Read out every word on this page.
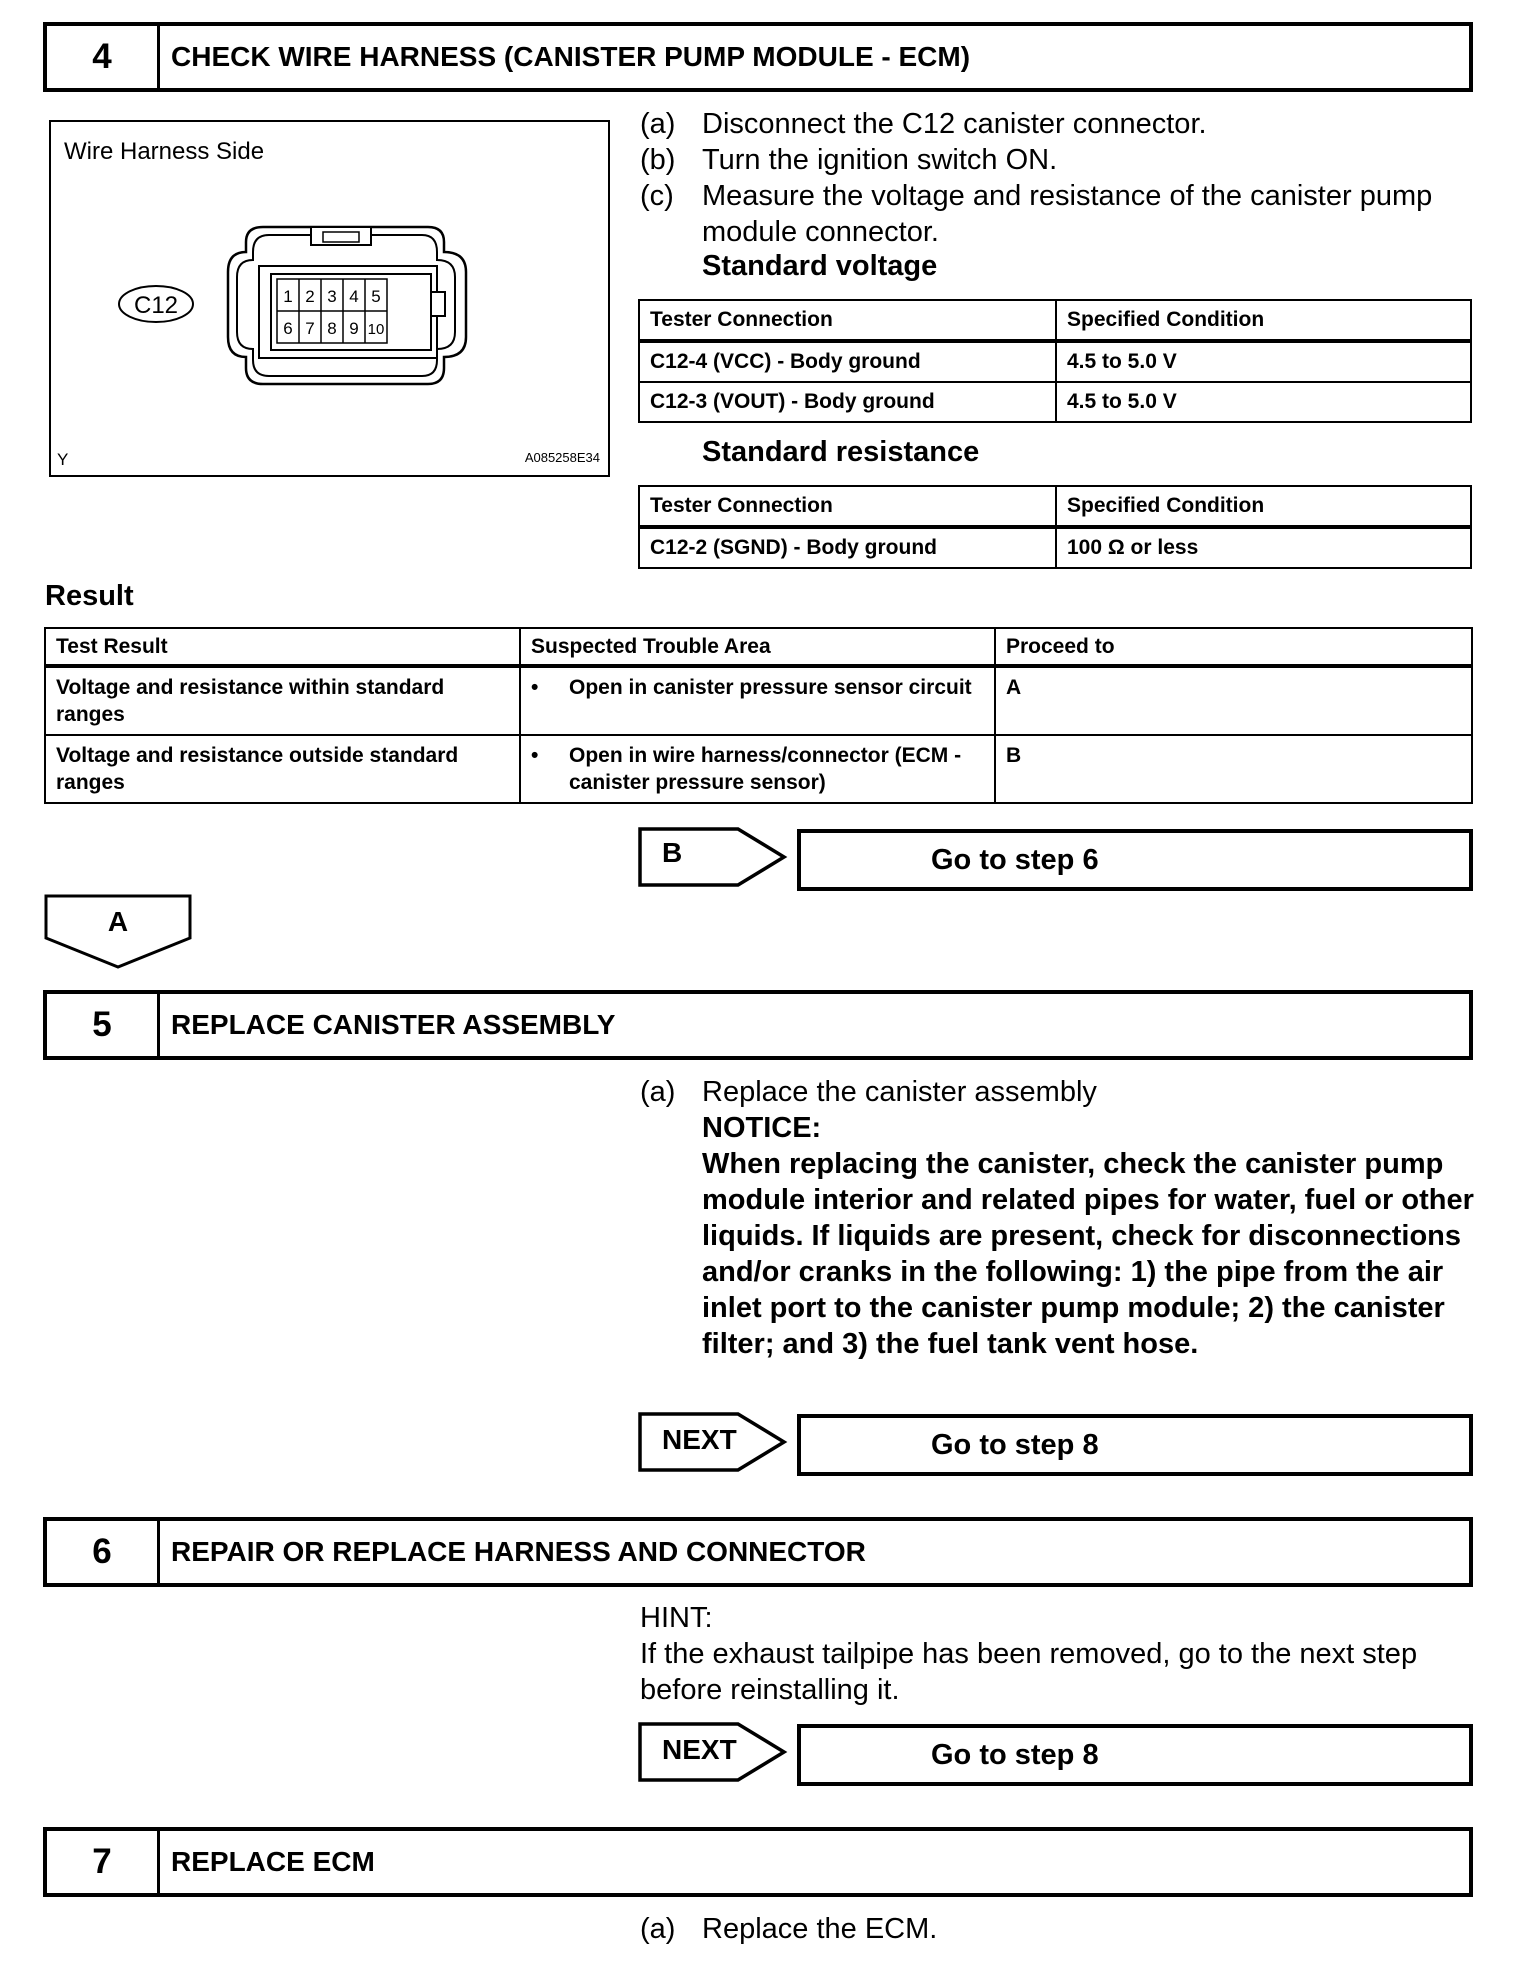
4	CHECK WIRE HARNESS (CANISTER PUMP MODULE - ECM)
Wire Harness Side
C12	1 2 3 4 5
6 7 8 9 10
Y	A085258E34
(a) Disconnect the C12 canister connector.
(b) Turn the ignition switch ON.
(c) Measure the voltage and resistance of the canister pump module connector.
Standard voltage
Tester Connection	Specified Condition
C12-4 (VCC) - Body ground	4.5 to 5.0 V
C12-3 (VOUT) - Body ground	4.5 to 5.0 V
Standard resistance
Tester Connection	Specified Condition
C12-2 (SGND) - Body ground	100 Ω or less
Result
Test Result	Suspected Trouble Area	Proceed to
Voltage and resistance within standard ranges	• Open in canister pressure sensor circuit	A
Voltage and resistance outside standard ranges	• Open in wire harness/connector (ECM - canister pressure sensor)	B
B	Go to step 6
A
5	REPLACE CANISTER ASSEMBLY
(a) Replace the canister assembly
NOTICE:
When replacing the canister, check the canister pump module interior and related pipes for water, fuel or other liquids. If liquids are present, check for disconnections and/or cranks in the following: 1) the pipe from the air inlet port to the canister pump module; 2) the canister filter; and 3) the fuel tank vent hose.
NEXT	Go to step 8
6	REPAIR OR REPLACE HARNESS AND CONNECTOR
HINT:
If the exhaust tailpipe has been removed, go to the next step before reinstalling it.
NEXT	Go to step 8
7	REPLACE ECM
(a) Replace the ECM.
